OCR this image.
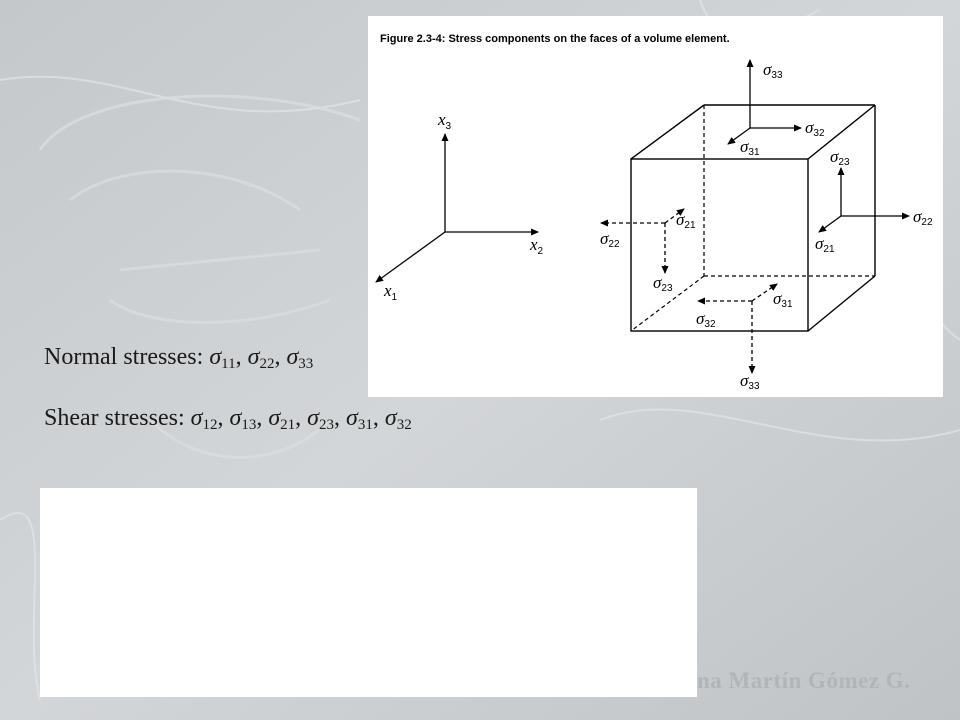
Figure 2.3-4: Stress components on the faces of a volume element.
$x_3$
$x_2$
$x_1$
σ33
σ32
σ31	σ23
σ22
σ21
σ21
σ22
σ23
σ31
σ32
σ33
Normal stresses: $\sigma_{11}$, $\sigma_{22}$, $\sigma_{33}$
Shear stresses: $\sigma_{12}$, $\sigma_{13}$, $\sigma_{21}$, $\sigma_{23}$, $\sigma_{31}$, $\sigma_{32}$
na Martín Gómez G.
